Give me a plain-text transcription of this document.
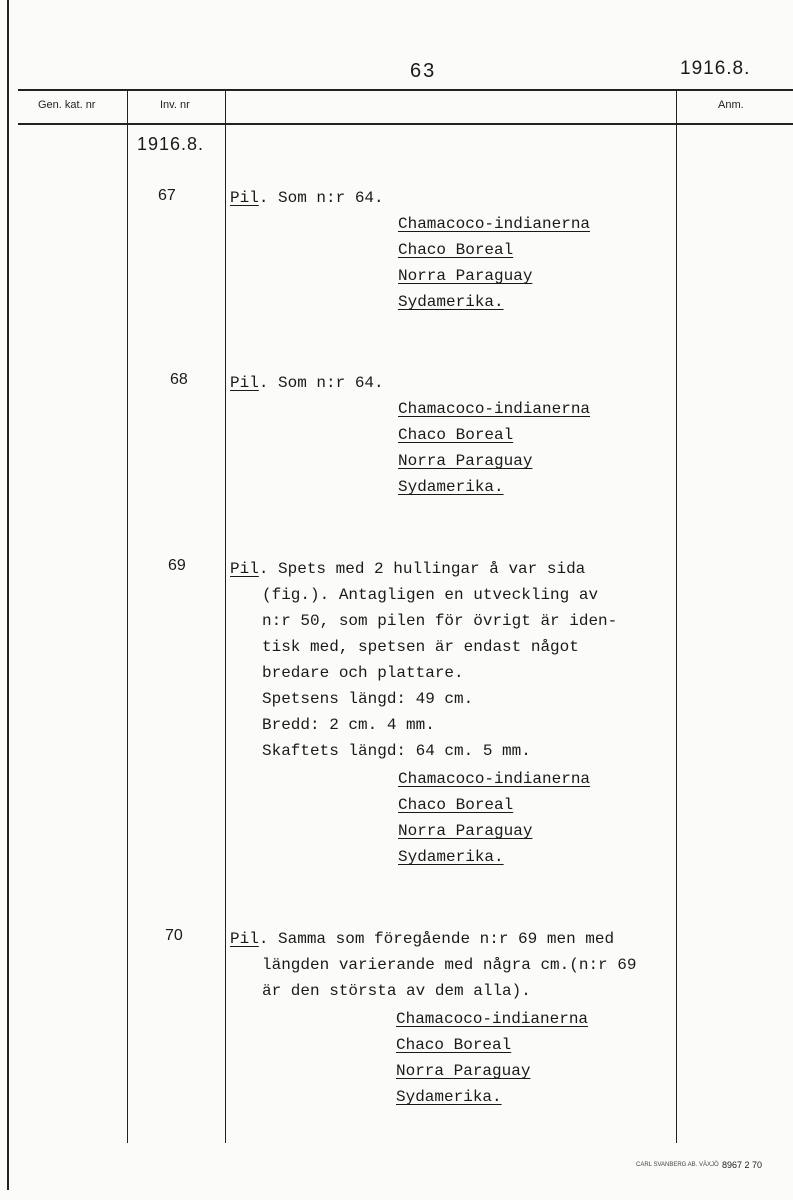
63	1916.8.
Gen. kat. nr	Inv. nr	Anm.
1916.8.
67	Pil. Som n:r 64.
Chamacoco-indianerna
Chaco Boreal
Norra Paraguay
Sydamerika.
68	Pil. Som n:r 64.
Chamacoco-indianerna
Chaco Boreal
Norra Paraguay
Sydamerika.
69	Pil. Spets med 2 hullingar å var sida
(fig.). Antagligen en utveckling av
n:r 50, som pilen för övrigt är iden-
tisk med, spetsen är endast något
bredare och plattare.
Spetsens längd: 49 cm.
Bredd: 2 cm. 4 mm.
Skaftets längd: 64 cm. 5 mm.
Chamacoco-indianerna
Chaco Boreal
Norra Paraguay
Sydamerika.
70	Pil. Samma som föregående n:r 69 men med
längden varierande med några cm.(n:r 69
är den största av dem alla).
Chamacoco-indianerna
Chaco Boreal
Norra Paraguay
Sydamerika.
CARL SVANBERG AB. VÄXJÖ 8967 2 70
